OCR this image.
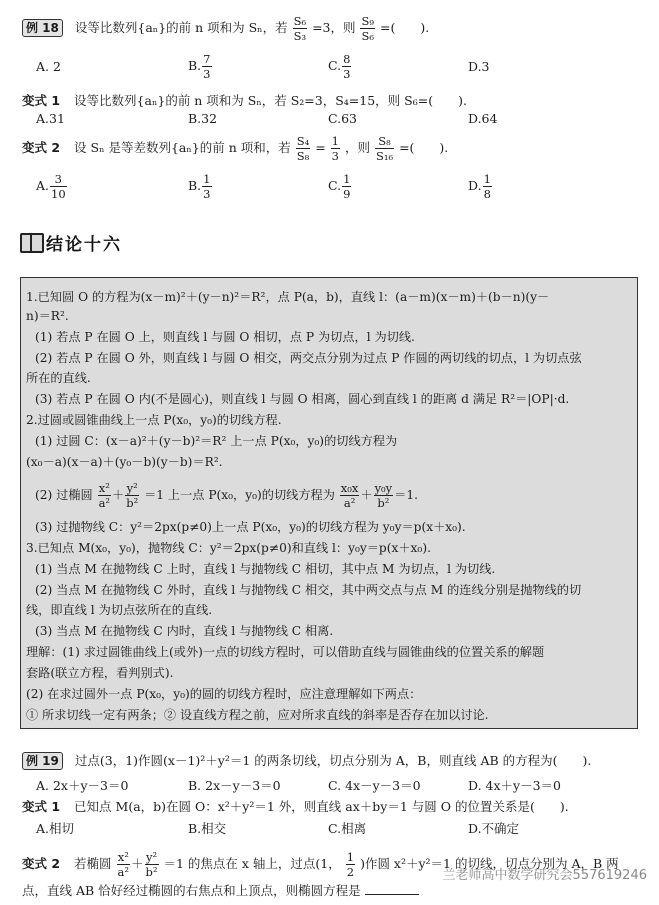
例 18 设等比数列{aₙ}的前 n 项和为 Sₙ，若 $\frac{\text{S₆}}{\text{S₃}} =3$，则 $\frac{\text{S₉}}{\text{S₆}}$ =(　　).
A. 2	B. $\frac{7}{3}$	C. $\frac{8}{3}$	D.3
变式 1 设等比数列{aₙ}的前 n 项和为 Sₙ，若 S₂=3，S₄=15，则 S₆=(　　).
A.31	B.32	C.63	D.64
变式 2 设 Sₙ 是等差数列{aₙ}的前 n 项和，若 $\frac{\text{S₄}}{\text{S₈}} = \frac{1}{3}$ ，则 $\frac{\text{S₈}}{\text{S₁₆}}$ =(　　).
A. $\frac{3}{10}$	B. $\frac{1}{3}$	C. $\frac{1}{9}$	D. $\frac{1}{8}$
结论十六
1.已知圆 O 的方程为(x－m)²＋(y－n)²＝R²，点 P(a，b)，直线 l：(a－m)(x－m)＋(b－n)(y－
n)＝R².
(1) 若点 P 在圆 O 上，则直线 l 与圆 O 相切，点 P 为切点，l 为切线.
(2) 若点 P 在圆 O 外，则直线 l 与圆 O 相交，两交点分别为过点 P 作圆的两切线的切点，l 为切点弦
所在的直线.
(3) 若点 P 在圆 O 内(不是圆心)，则直线 l 与圆 O 相离，圆心到直线 l 的距离 d 满足 R²＝|OP|·d.
2.过圆或圆锥曲线上一点 P(x₀，y₀)的切线方程.
(1) 过圆 C：(x－a)²＋(y－b)²＝R² 上一点 P(x₀，y₀)的切线方程为
(x₀－a)(x－a)＋(y₀－b)(y－b)＝R².
(2) 过椭圆 $\frac{\text{x²}}{\text{a²}} + \frac{\text{y²}}{\text{b²}} =1$ 上一点 P(x₀，y₀)的切线方程为 $\frac{\text{x₀x}}{\text{a²}} + \frac{\text{y₀y}}{\text{b²}} =1$.
(3) 过抛物线 C：y²＝2px(p≠0)上一点 P(x₀，y₀)的切线方程为 y₀y＝p(x＋x₀).
3.已知点 M(x₀，y₀)，抛物线 C：y²＝2px(p≠0)和直线 l：y₀y＝p(x＋x₀).
(1) 当点 M 在抛物线 C 上时，直线 l 与抛物线 C 相切，其中点 M 为切点，l 为切线.
(2) 当点 M 在抛物线 C 外时，直线 l 与抛物线 C 相交，其中两交点与点 M 的连线分别是抛物线的切
线，即直线 l 为切点弦所在的直线.
(3) 当点 M 在抛物线 C 内时，直线 l 与抛物线 C 相离.
理解：(1) 求过圆锥曲线上(或外)一点的切线方程时，可以借助直线与圆锥曲线的位置关系的解题
套路(联立方程，看判别式).
(2) 在求过圆外一点 P(x₀，y₀)的圆的切线方程时，应注意理解如下两点：
① 所求切线一定有两条；② 设直线方程之前，应对所求直线的斜率是否存在加以讨论.
例 19 过点(3，1)作圆(x－1)²＋y²＝1 的两条切线，切点分别为 A，B，则直线 AB 的方程为(　　).
A. 2x＋y－3＝0	B. 2x－y－3＝0	C. 4x－y－3＝0	D. 4x＋y－3＝0
变式 1 已知点 M(a，b)在圆 O：x²＋y²＝1 外，则直线 ax＋by＝1 与圆 O 的位置关系是(　　).
A.相切	B.相交	C.相离	D.不确定
变式 2 若椭圆 $\frac{\text{x²}}{\text{a²}} + \frac{\text{y²}}{\text{b²}} =1$ 的焦点在 x 轴上，过点(1， $\frac{1}{2}$ )作圆 x²＋y²＝1 的切线，切点分别为 A，B 两
点，直线 AB 恰好经过椭圆的右焦点和上顶点，则椭圆方程是
兰老师高中数学研究会557619246
